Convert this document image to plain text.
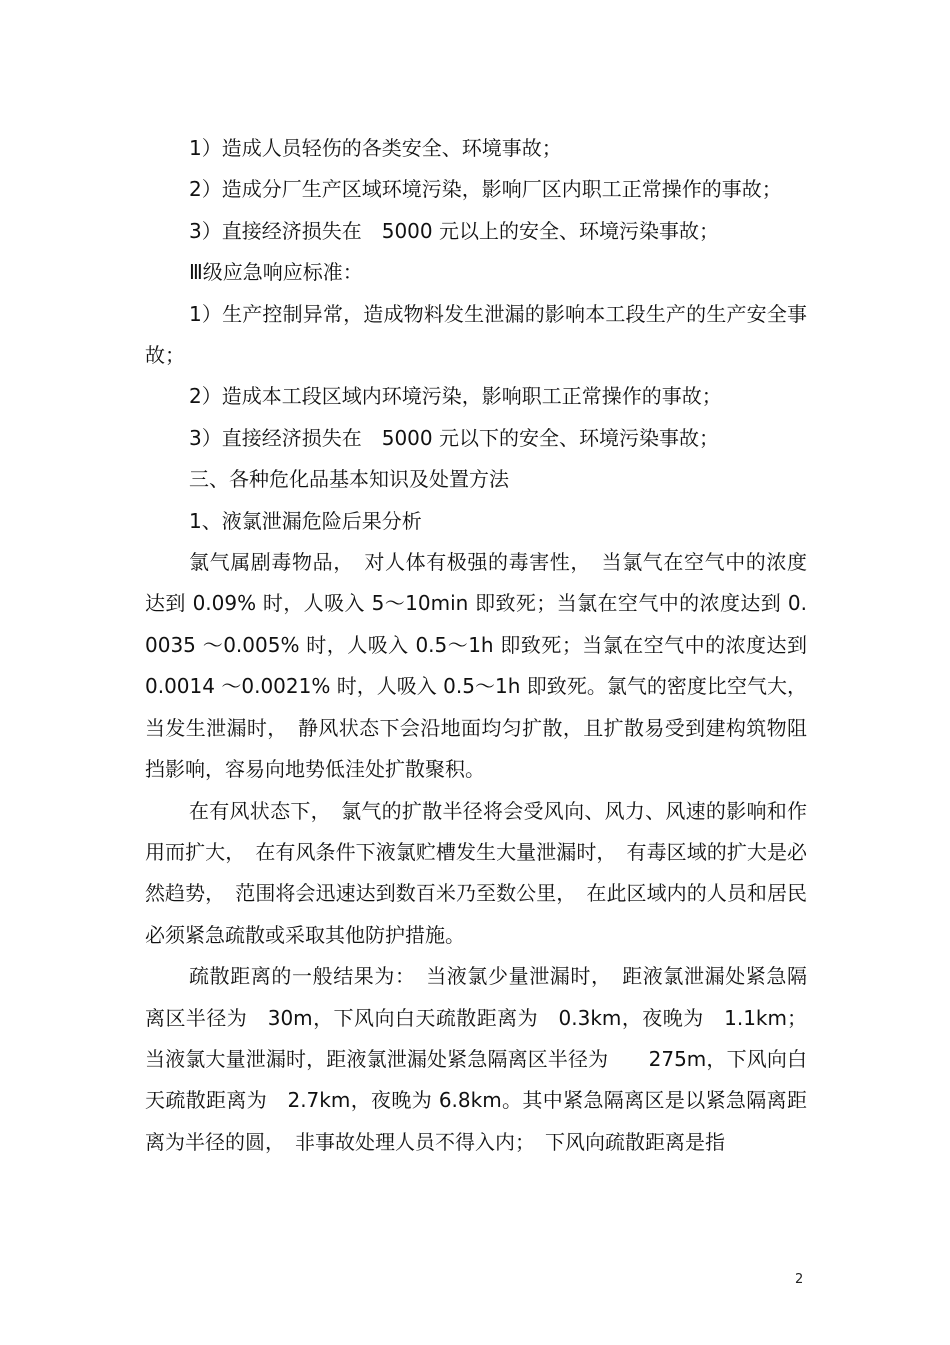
1）造成人员轻伤的各类安全、环境事故；

2）造成分厂生产区域环境污染，影响厂区内职工正常操作的事故；

3）直接经济损失在　5000 元以上的安全、环境污染事故；

Ⅲ级应急响应标准：

1）生产控制异常，造成物料发生泄漏的影响本工段生产的生产安全事故；

2）造成本工段区域内环境污染，影响职工正常操作的事故；

3）直接经济损失在　5000 元以下的安全、环境污染事故；

三、各种危化品基本知识及处置方法

1、液氯泄漏危险后果分析

氯气属剧毒物品，　对人体有极强的毒害性，　当氯气在空气中的浓度达到 0.09% 时，人吸入 5～10min 即致死；当氯在空气中的浓度达到 0.0035 ～0.005% 时，人吸入 0.5～1h 即致死；当氯在空气中的浓度达到 0.0014 ～0.0021% 时，人吸入 0.5～1h 即致死。氯气的密度比空气大，当发生泄漏时，　静风状态下会沿地面均匀扩散，且扩散易受到建构筑物阻挡影响，容易向地势低洼处扩散聚积。

在有风状态下，　氯气的扩散半径将会受风向、风力、风速的影响和作用而扩大，　在有风条件下液氯贮槽发生大量泄漏时，　有毒区域的扩大是必然趋势，　范围将会迅速达到数百米乃至数公里，　在此区域内的人员和居民必须紧急疏散或采取其他防护措施。

疏散距离的一般结果为：　当液氯少量泄漏时，　距液氯泄漏处紧急隔离区半径为　30m，下风向白天疏散距离为　0.3km，夜晚为　1.1km；当液氯大量泄漏时，距液氯泄漏处紧急隔离区半径为　　275m，下风向白天疏散距离为　2.7km，夜晚为 6.8km。其中紧急隔离区是以紧急隔离距离为半径的圆，　非事故处理人员不得入内；　下风向疏散距离是指

2
